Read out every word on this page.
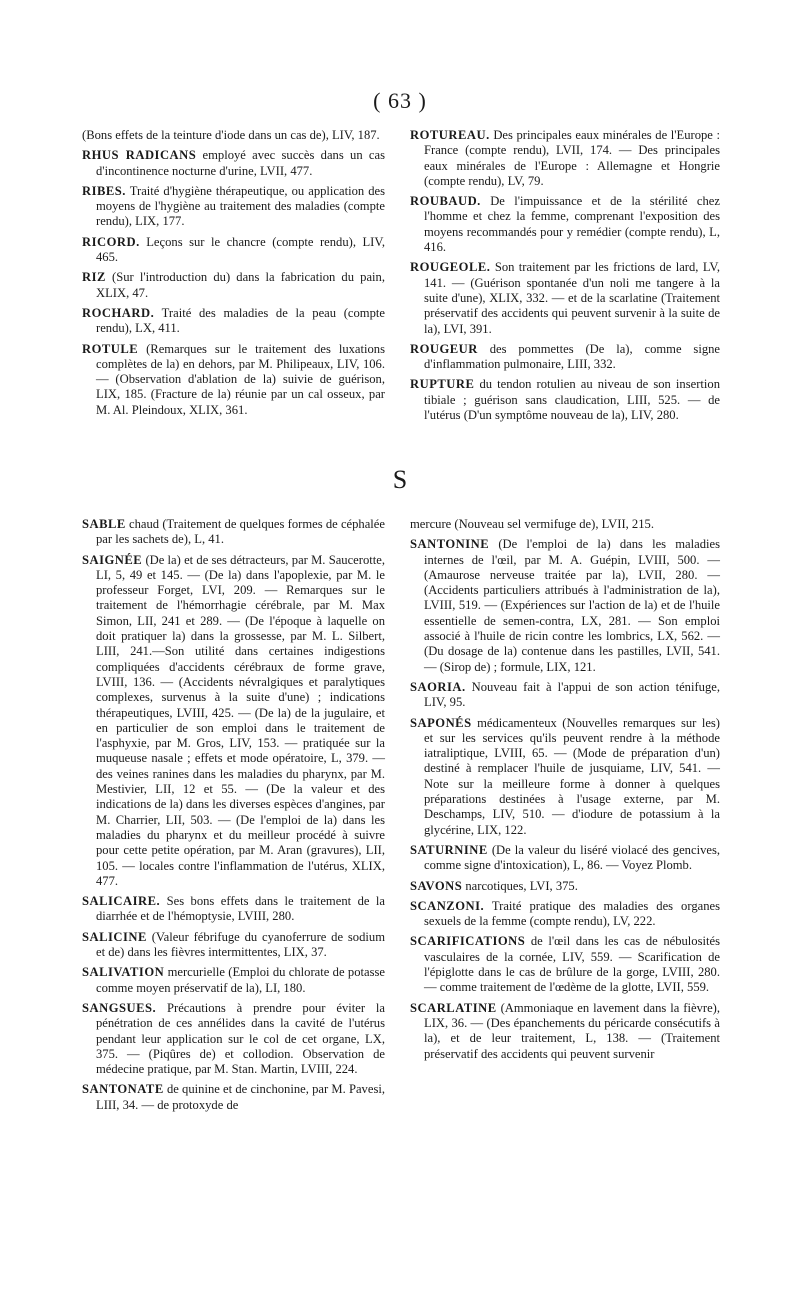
( 63 )

(Bons effets de la teinture d'iode dans un cas de), LIV, 187.

RHUS RADICANS employé avec succès dans un cas d'incontinence nocturne d'urine, LVII, 477.

RIBES. Traité d'hygiène thérapeutique, ou application des moyens de l'hygiène au traitement des maladies (compte rendu), LIX, 177.

RICORD. Leçons sur le chancre (compte rendu), LIV, 465.

RIZ (Sur l'introduction du) dans la fabrication du pain, XLIX, 47.

ROCHARD. Traité des maladies de la peau (compte rendu), LX, 411.

ROTULE (Remarques sur le traitement des luxations complètes de la) en dehors, par M. Philipeaux, LIV, 106. — (Observation d'ablation de la) suivie de guérison, LIX, 185. (Fracture de la) réunie par un cal osseux, par M. Al. Pleindoux, XLIX, 361.

ROTUREAU. Des principales eaux minérales de l'Europe : France (compte rendu), LVII, 174. — Des principales eaux minérales de l'Europe : Allemagne et Hongrie (compte rendu), LV, 79.

ROUBAUD. De l'impuissance et de la stérilité chez l'homme et chez la femme, comprenant l'exposition des moyens recommandés pour y remédier (compte rendu), L, 416.

ROUGEOLE. Son traitement par les frictions de lard, LV, 141. — (Guérison spontanée d'un noli me tangere à la suite d'une), XLIX, 332. — et de la scarlatine (Traitement préservatif des accidents qui peuvent survenir à la suite de la), LVI, 391.

ROUGEUR des pommettes (De la), comme signe d'inflammation pulmonaire, LIII, 332.

RUPTURE du tendon rotulien au niveau de son insertion tibiale ; guérison sans claudication, LIII, 525. — de l'utérus (D'un symptôme nouveau de la), LIV, 280.

S

SABLE chaud (Traitement de quelques formes de céphalée par les sachets de), L, 41.

SAIGNÉE (De la) et de ses détracteurs, par M. Saucerotte, LI, 5, 49 et 145. — (De la) dans l'apoplexie, par M. le professeur Forget, LVI, 209. — Remarques sur le traitement de l'hémorrhagie cérébrale, par M. Max Simon, LII, 241 et 289. — (De l'époque à laquelle on doit pratiquer la) dans la grossesse, par M. L. Silbert, LIII, 241.—Son utilité dans certaines indigestions compliquées d'accidents cérébraux de forme grave, LVIII, 136. — (Accidents névralgiques et paralytiques complexes, survenus à la suite d'une) ; indications thérapeutiques, LVIII, 425. — (De la) de la jugulaire, et en particulier de son emploi dans le traitement de l'asphyxie, par M. Gros, LIV, 153. — pratiquée sur la muqueuse nasale ; effets et mode opératoire, L, 379. — des veines ranines dans les maladies du pharynx, par M. Mestivier, LII, 12 et 55. — (De la valeur et des indications de la) dans les diverses espèces d'angines, par M. Charrier, LII, 503. — (De l'emploi de la) dans les maladies du pharynx et du meilleur procédé à suivre pour cette petite opération, par M. Aran (gravures), LII, 105. — locales contre l'inflammation de l'utérus, XLIX, 477.

SALICAIRE. Ses bons effets dans le traitement de la diarrhée et de l'hémoptysie, LVIII, 280.

SALICINE (Valeur fébrifuge du cyanoferrure de sodium et de) dans les fièvres intermittentes, LIX, 37.

SALIVATION mercurielle (Emploi du chlorate de potasse comme moyen préservatif de la), LI, 180.

SANGSUES. Précautions à prendre pour éviter la pénétration de ces annélides dans la cavité de l'utérus pendant leur application sur le col de cet organe, LX, 375. — (Piqûres de) et collodion. Observation de médecine pratique, par M. Stan. Martin, LVIII, 224.

SANTONATE de quinine et de cinchonine, par M. Pavesi, LIII, 34. — de protoxyde de

mercure (Nouveau sel vermifuge de), LVII, 215.

SANTONINE (De l'emploi de la) dans les maladies internes de l'œil, par M. A. Guépin, LVIII, 500. — (Amaurose nerveuse traitée par la), LVII, 280. — (Accidents particuliers attribués à l'administration de la), LVIII, 519. — (Expériences sur l'action de la) et de l'huile essentielle de semen-contra, LX, 281. — Son emploi associé à l'huile de ricin contre les lombrics, LX, 562. — (Du dosage de la) contenue dans les pastilles, LVII, 541. — (Sirop de) ; formule, LIX, 121.

SAORIA. Nouveau fait à l'appui de son action ténifuge, LIV, 95.

SAPONÉS médicamenteux (Nouvelles remarques sur les) et sur les services qu'ils peuvent rendre à la méthode iatraliptique, LVIII, 65. — (Mode de préparation d'un) destiné à remplacer l'huile de jusquiame, LIV, 541. — Note sur la meilleure forme à donner à quelques préparations destinées à l'usage externe, par M. Deschamps, LIV, 510. — d'iodure de potassium à la glycérine, LIX, 122.

SATURNINE (De la valeur du liséré violacé des gencives, comme signe d'intoxication), L, 86. — Voyez Plomb.

SAVONS narcotiques, LVI, 375.

SCANZONI. Traité pratique des maladies des organes sexuels de la femme (compte rendu), LV, 222.

SCARIFICATIONS de l'œil dans les cas de nébulosités vasculaires de la cornée, LIV, 559. — Scarification de l'épiglotte dans le cas de brûlure de la gorge, LVIII, 280. — comme traitement de l'œdème de la glotte, LVII, 559.

SCARLATINE (Ammoniaque en lavement dans la fièvre), LIX, 36. — (Des épanchements du péricarde consécutifs à la), et de leur traitement, L, 138. — (Traitement préservatif des accidents qui peuvent survenir
